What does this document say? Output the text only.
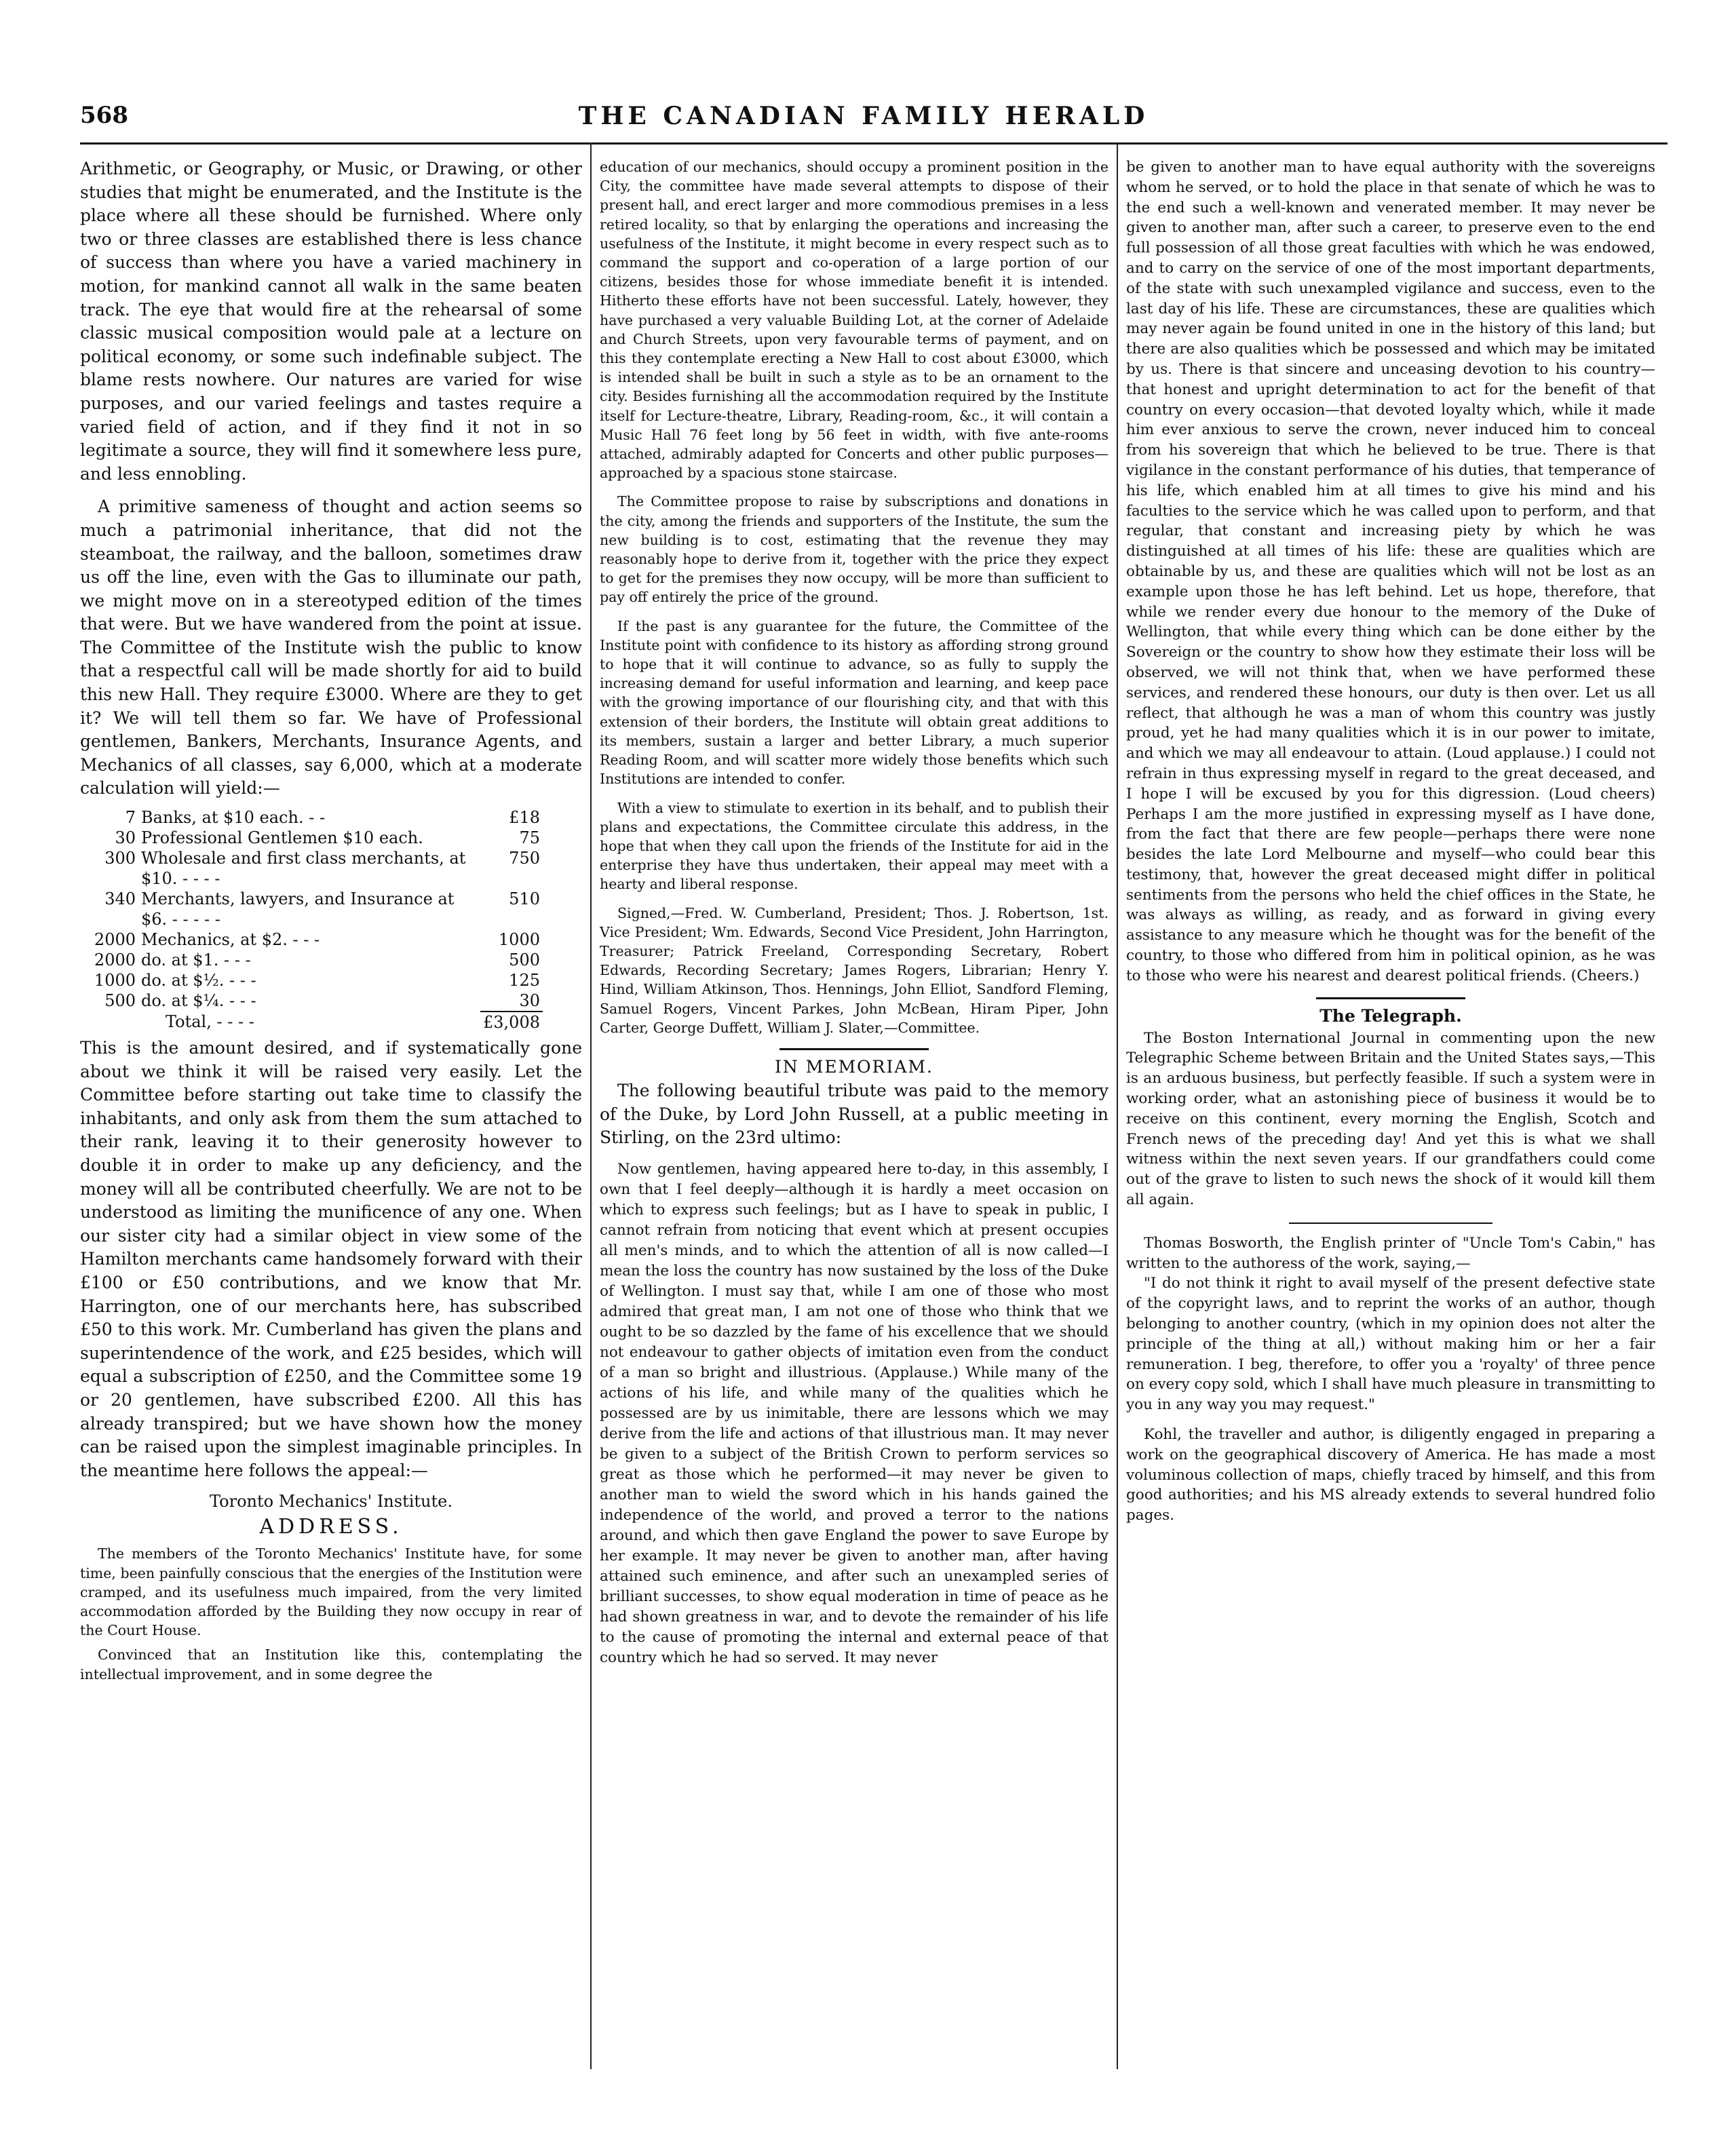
568	THE CANADIAN FAMILY HERALD

Arithmetic, or Geography, or Music, or Drawing, or other studies that might be enumerated, and the Institute is the place where all these should be furnished. Where only two or three classes are established there is less chance of success than where you have a varied machinery in motion, for mankind cannot all walk in the same beaten track. The eye that would fire at the rehearsal of some classic musical composition would pale at a lecture on political economy, or some such indefinable subject. The blame rests nowhere. Our natures are varied for wise purposes, and our varied feelings and tastes require a varied field of action, and if they find it not in so legitimate a source, they will find it somewhere less pure, and less ennobling.

A primitive sameness of thought and action seems so much a patrimonial inheritance, that did not the steamboat, the railway, and the balloon, sometimes draw us off the line, even with the Gas to illuminate our path, we might move on in a stereotyped edition of the times that were. But we have wandered from the point at issue. The Committee of the Institute wish the public to know that a respectful call will be made shortly for aid to build this new Hall. They require £3000. Where are they to get it? We will tell them so far. We have of Professional gentlemen, Bankers, Merchants, Insurance Agents, and Mechanics of all classes, say 6,000, which at a moderate calculation will yield:—

7	Banks, at $10 each. - -	£18
30	Professional Gentlemen $10 each.	75
300	Wholesale and first class merchants, at $10. - - - -	750
340	Merchants, lawyers, and Insurance at $6. - - - - -	510
2000	Mechanics, at $2. - - -	1000
2000	do. at $1. - - -	500
1000	do. at $½. - - -	125
500	do. at $¼. - - -	30

	Total, - - - -	£3,008

This is the amount desired, and if systematically gone about we think it will be raised very easily. Let the Committee before starting out take time to classify the inhabitants, and only ask from them the sum attached to their rank, leaving it to their generosity however to double it in order to make up any deficiency, and the money will all be contributed cheerfully. We are not to be understood as limiting the munificence of any one. When our sister city had a similar object in view some of the Hamilton merchants came handsomely forward with their £100 or £50 contributions, and we know that Mr. Harrington, one of our merchants here, has subscribed £50 to this work. Mr. Cumberland has given the plans and superintendence of the work, and £25 besides, which will equal a subscription of £250, and the Committee some 19 or 20 gentlemen, have subscribed £200. All this has already transpired; but we have shown how the money can be raised upon the simplest imaginable principles. In the meantime here follows the appeal:—

Toronto Mechanics' Institute.
ADDRESS.

The members of the Toronto Mechanics' Institute have, for some time, been painfully conscious that the energies of the Institution were cramped, and its usefulness much impaired, from the very limited accommodation afforded by the Building they now occupy in rear of the Court House.

Convinced that an Institution like this, contemplating the intellectual improvement, and in some degree the

education of our mechanics, should occupy a prominent position in the City, the committee have made several attempts to dispose of their present hall, and erect larger and more commodious premises in a less retired locality, so that by enlarging the operations and increasing the usefulness of the Institute, it might become in every respect such as to command the support and co-operation of a large portion of our citizens, besides those for whose immediate benefit it is intended. Hitherto these efforts have not been successful. Lately, however, they have purchased a very valuable Building Lot, at the corner of Adelaide and Church Streets, upon very favourable terms of payment, and on this they contemplate erecting a New Hall to cost about £3000, which is intended shall be built in such a style as to be an ornament to the city. Besides furnishing all the accommodation required by the Institute itself for Lecture-theatre, Library, Reading-room, &c., it will contain a Music Hall 76 feet long by 56 feet in width, with five ante-rooms attached, admirably adapted for Concerts and other public purposes—approached by a spacious stone staircase.

The Committee propose to raise by subscriptions and donations in the city, among the friends and supporters of the Institute, the sum the new building is to cost, estimating that the revenue they may reasonably hope to derive from it, together with the price they expect to get for the premises they now occupy, will be more than sufficient to pay off entirely the price of the ground.

If the past is any guarantee for the future, the Committee of the Institute point with confidence to its history as affording strong ground to hope that it will continue to advance, so as fully to supply the increasing demand for useful information and learning, and keep pace with the growing importance of our flourishing city, and that with this extension of their borders, the Institute will obtain great additions to its members, sustain a larger and better Library, a much superior Reading Room, and will scatter more widely those benefits which such Institutions are intended to confer.

With a view to stimulate to exertion in its behalf, and to publish their plans and expectations, the Committee circulate this address, in the hope that when they call upon the friends of the Institute for aid in the enterprise they have thus undertaken, their appeal may meet with a hearty and liberal response.

Signed,—Fred. W. Cumberland, President; Thos. J. Robertson, 1st. Vice President; Wm. Edwards, Second Vice President, John Harrington, Treasurer; Patrick Freeland, Corresponding Secretary, Robert Edwards, Recording Secretary; James Rogers, Librarian; Henry Y. Hind, William Atkinson, Thos. Hennings, John Elliot, Sandford Fleming, Samuel Rogers, Vincent Parkes, John McBean, Hiram Piper, John Carter, George Duffett, William J. Slater,—Committee.

IN MEMORIAM.

The following beautiful tribute was paid to the memory of the Duke, by Lord John Russell, at a public meeting in Stirling, on the 23rd ultimo:

Now gentlemen, having appeared here to-day, in this assembly, I own that I feel deeply—although it is hardly a meet occasion on which to express such feelings; but as I have to speak in public, I cannot refrain from noticing that event which at present occupies all men's minds, and to which the attention of all is now called—I mean the loss the country has now sustained by the loss of the Duke of Wellington. I must say that, while I am one of those who most admired that great man, I am not one of those who think that we ought to be so dazzled by the fame of his excellence that we should not endeavour to gather objects of imitation even from the conduct of a man so bright and illustrious. (Applause.) While many of the actions of his life, and while many of the qualities which he possessed are by us inimitable, there are lessons which we may derive from the life and actions of that illustrious man. It may never be given to a subject of the British Crown to perform services so great as those which he performed—it may never be given to another man to wield the sword which in his hands gained the independence of the world, and proved a terror to the nations around, and which then gave England the power to save Europe by her example. It may never be given to another man, after having attained such eminence, and after such an unexampled series of brilliant successes, to show equal moderation in time of peace as he had shown greatness in war, and to devote the remainder of his life to the cause of promoting the internal and external peace of that country which he had so served. It may never

be given to another man to have equal authority with the sovereigns whom he served, or to hold the place in that senate of which he was to the end such a well-known and venerated member. It may never be given to another man, after such a career, to preserve even to the end full possession of all those great faculties with which he was endowed, and to carry on the service of one of the most important departments, of the state with such unexampled vigilance and success, even to the last day of his life. These are circumstances, these are qualities which may never again be found united in one in the history of this land; but there are also qualities which be possessed and which may be imitated by us. There is that sincere and unceasing devotion to his country—that honest and upright determination to act for the benefit of that country on every occasion—that devoted loyalty which, while it made him ever anxious to serve the crown, never induced him to conceal from his sovereign that which he believed to be true. There is that vigilance in the constant performance of his duties, that temperance of his life, which enabled him at all times to give his mind and his faculties to the service which he was called upon to perform, and that regular, that constant and increasing piety by which he was distinguished at all times of his life: these are qualities which are obtainable by us, and these are qualities which will not be lost as an example upon those he has left behind. Let us hope, therefore, that while we render every due honour to the memory of the Duke of Wellington, that while every thing which can be done either by the Sovereign or the country to show how they estimate their loss will be observed, we will not think that, when we have performed these services, and rendered these honours, our duty is then over. Let us all reflect, that although he was a man of whom this country was justly proud, yet he had many qualities which it is in our power to imitate, and which we may all endeavour to attain. (Loud applause.) I could not refrain in thus expressing myself in regard to the great deceased, and I hope I will be excused by you for this digression. (Loud cheers) Perhaps I am the more justified in expressing myself as I have done, from the fact that there are few people—perhaps there were none besides the late Lord Melbourne and myself—who could bear this testimony, that, however the great deceased might differ in political sentiments from the persons who held the chief offices in the State, he was always as willing, as ready, and as forward in giving every assistance to any measure which he thought was for the benefit of the country, to those who differed from him in political opinion, as he was to those who were his nearest and dearest political friends. (Cheers.)

The Telegraph.

The Boston International Journal in commenting upon the new Telegraphic Scheme between Britain and the United States says,—This is an arduous business, but perfectly feasible. If such a system were in working order, what an astonishing piece of business it would be to receive on this continent, every morning the English, Scotch and French news of the preceding day! And yet this is what we shall witness within the next seven years. If our grandfathers could come out of the grave to listen to such news the shock of it would kill them all again.

Thomas Bosworth, the English printer of "Uncle Tom's Cabin," has written to the authoress of the work, saying,—

"I do not think it right to avail myself of the present defective state of the copyright laws, and to reprint the works of an author, though belonging to another country, (which in my opinion does not alter the principle of the thing at all,) without making him or her a fair remuneration. I beg, therefore, to offer you a 'royalty' of three pence on every copy sold, which I shall have much pleasure in transmitting to you in any way you may request."

Kohl, the traveller and author, is diligently engaged in preparing a work on the geographical discovery of America. He has made a most voluminous collection of maps, chiefly traced by himself, and this from good authorities; and his MS already extends to several hundred folio pages.
